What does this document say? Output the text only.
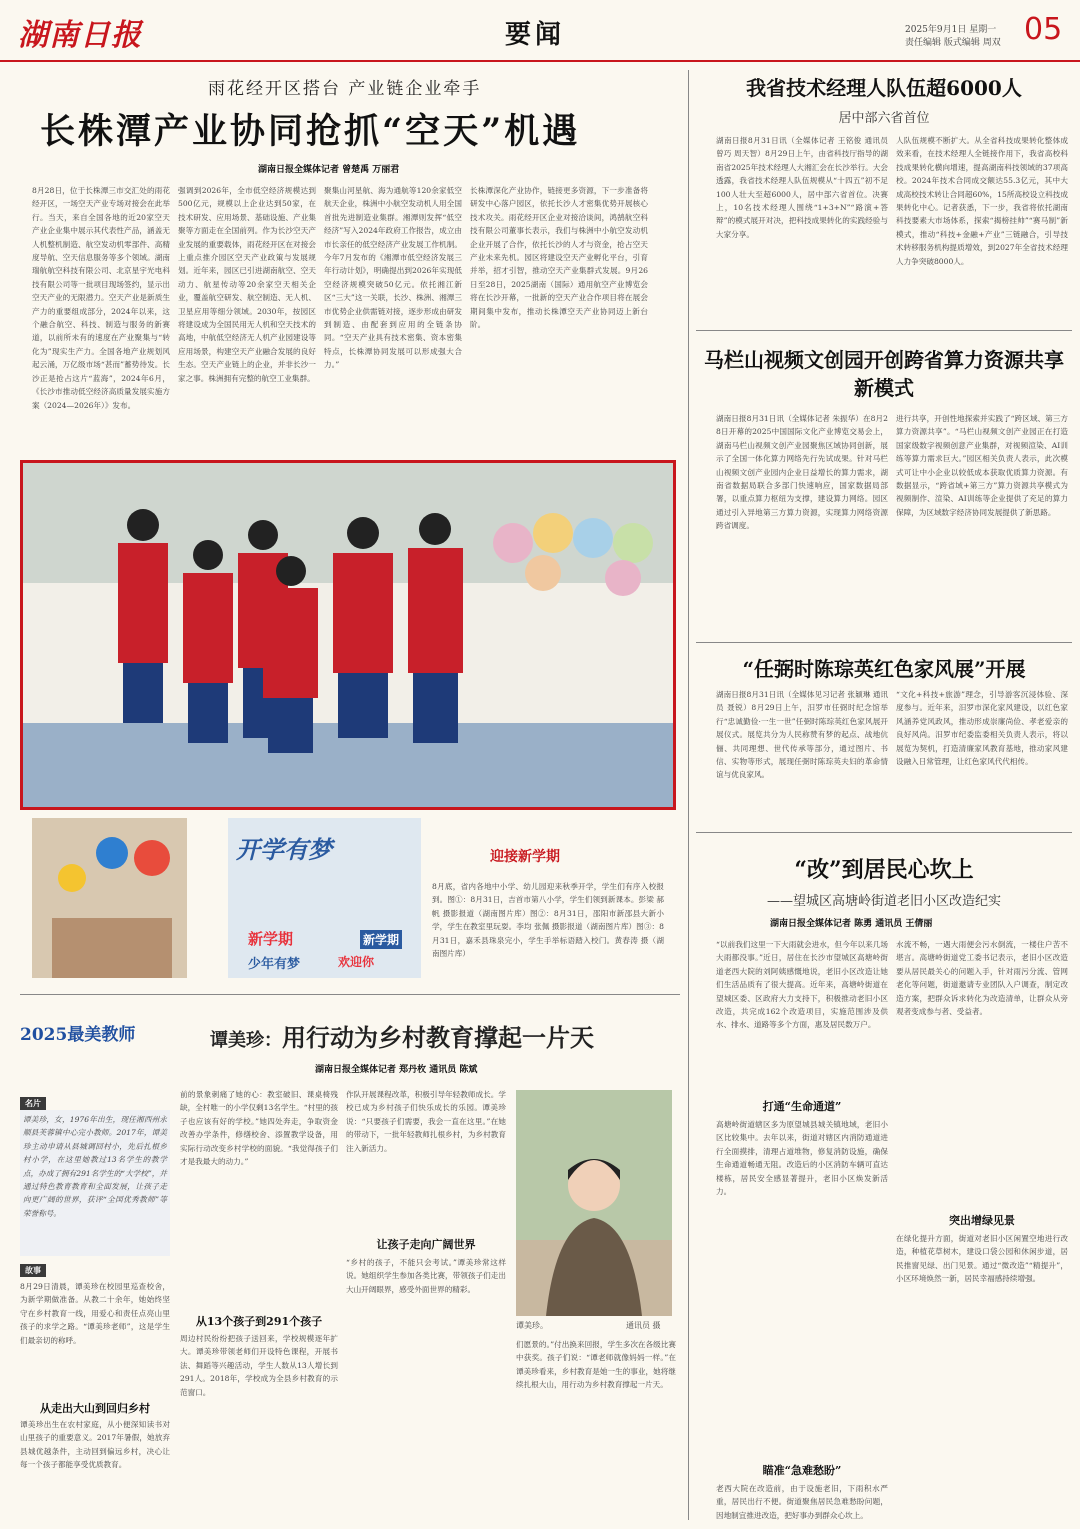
湖南日报	要闻	2025年9月1日 星期一
责任编辑 版式编辑 周双 05
雨花经开区搭台 产业链企业牵手
长株潭产业协同抢抓“空天”机遇
湖南日报全媒体记者 曾楚禹 万丽君
8月28日，位于长株潭三市交汇处的雨花经开区，一场空天产业专场对接会在此举行。当天，来自全国各地的近20家空天产业企业集中展示其代表性产品，涵盖无人机整机制造、航空发动机零部件、高精度导航、空天信息服务等多个领域。湖南瑞航航空科技有限公司、北京星宇光电科技有限公司等一批项目现场签约，显示出空天产业的无限潜力。空天产业是新质生产力的重要组成部分，2024年以来，这个融合航空、科技、制造与服务的新赛道，以前所未有的速度在产业聚集与“转化为”现实生产力。全国各地产业规划风起云涌，万亿级市场“甚而”蓄势待发。长沙正是抢占这片“蓝海”，2024年6月，《长沙市推动低空经济高质量发展实施方案（2024—2026年）》发布。
强调到2026年，全市低空经济规模达到500亿元，规模以上企业达到50家，在技术研发、应用场景、基础设施、产业集聚等方面走在全国前列。作为长沙空天产业发展的重要载体，雨花经开区在对接会上重点推介园区空天产业政策与发展规划。近年来，园区已引进湖南航空、空天动力、航星传动等20余家空天相关企业，覆盖航空研发、航空制造、无人机、卫星应用等细分领域。2030年，按园区将建设成为全国民用无人机和空天技术的高地，中航低空经济无人机产业园建设等应用场景，构建空天产业融合发展的良好生态。空天产业链上的企业，并非长沙一家之事。株洲拥有完整的航空工业集群。
聚集山河星航、海为通航等120余家低空航天企业，株洲中小航空发动机人用全国首批先进制造业集群。湘潭则发挥“低空经济”写入2024年政府工作报告，成立由市长亲任的低空经济产业发展工作机制。今年7月发布的《湘潭市低空经济发展三年行动计划》，明确提出到2026年实现低空经济规模突破50亿元。依托湘江新区“三大”这一关联，长沙、株洲、湘潭三市优势企业供需链对接，逐步形成由研发到制造、由配套到应用的全链条协同。“空天产业具有技术密集、资本密集特点，长株潭协同发展可以形成强大合力。”
长株潭深化产业协作，链接更多资源，下一步准备将研发中心落户园区，依托长沙人才密集优势开展核心技术攻关。雨花经开区企业对接洽谈间，鸿鹄航空科技有限公司董事长表示，我们与株洲中小航空发动机企业开展了合作，依托长沙的人才与资金，抢占空天产业未来先机。园区将建设空天产业孵化平台，引育并举，招才引智，推动空天产业集群式发展。9月26日至28日，2025湖南（国际）通用航空产业博览会将在长沙开幕，一批新的空天产业合作项目将在展会期间集中发布，推动长株潭空天产业协同迈上新台阶。
开学有梦
新学期
少年有梦	欢迎你
新学期
迎接新学期
8月底，省内各地中小学、幼儿园迎来秋季开学，学生们有序入校报到。图①：8月31日，吉首市第八小学，学生们领到新课本。彭梁 郝帆 摄影报道（湖南图片库）图②：8月31日，邵阳市新邵县大新小学，学生在教室里玩耍。李均 张佩 摄影报道（湖南图片库）图③：8月31日，嘉禾县珠泉完小，学生手举标语踏入校门。黄春涛 摄（湖南图片库）
2025最美教师	谭美珍：用行动为乡村教育撑起一片天
湖南日报全媒体记者 郑丹枚 通讯员 陈斌
名片
谭美珍，女，1976年出生，现任湘西州永顺县芙蓉镇中心完小教师。2017年，谭美珍主动申请从县城调回村小，先后扎根乡村小学，在这里她教过13名学生的教学点，办成了拥有291名学生的“大学校”，并通过特色教育教育和全面发展，让孩子走向更广阔的世界，获评“全国优秀教师”等荣誉称号。
故事
8月29日清晨，谭美珍在校园里巡查校舍，为新学期做准备。从教二十余年，她始终坚守在乡村教育一线，用爱心和责任点亮山里孩子的求学之路。“谭美珍老师”，这是学生们最亲切的称呼。
从走出大山到回归乡村
谭美珍出生在农村家庭，从小便深知读书对山里孩子的重要意义。2017年暑假，她放弃县城优越条件，主动回到偏远乡村，决心让每一个孩子都能享受优质教育。
前的景象刺痛了她的心：教室破旧、课桌椅残缺，全村唯一的小学仅剩13名学生。“村里的孩子也应该有好的学校。”她四处奔走，争取资金改善办学条件，修缮校舍、添置教学设备，用实际行动改变乡村学校的面貌。“我觉得孩子们才是我最大的动力。”
从13个孩子到291个孩子
周边村民纷纷把孩子送回来，学校规模逐年扩大。谭美珍带领老师们开设特色课程，开展书法、舞蹈等兴趣活动，学生人数从13人增长到291人。2018年，学校成为全县乡村教育的示范窗口。
作队开展课程改革，积极引导年轻教师成长。学校已成为乡村孩子们快乐成长的乐园。谭美珍说：“只要孩子们需要，我会一直在这里。”在她的带动下，一批年轻教师扎根乡村，为乡村教育注入新活力。
让孩子走向广阔世界
“乡村的孩子，不能只会考试。”谭美珍常这样说。她组织学生参加各类比赛，带领孩子们走出大山开阔眼界，感受外面世界的精彩。
谭美珍。	通讯员 摄
们愿景的。”付出换来回报，学生多次在各级比赛中获奖。孩子们说：“谭老师就像妈妈一样。”在谭美珍看来，乡村教育是她一生的事业，她将继续扎根大山，用行动为乡村教育撑起一片天。
我省技术经理人队伍超6000人
居中部六省首位
湖南日报8月31日讯（全媒体记者 王铭俊 通讯员 曾巧 周天智）8月29日上午，由省科技厅指导的湖南省2025年技术经理人大湘汇会在长沙举行。大会透露，我省技术经理人队伍规模从“十四五”初不足100人壮大至超6000人，居中部六省首位。决赛上，10名技术经理人围绕“1+3+N”“路演+答辩”的模式展开对决，把科技成果转化的实践经验与大家分享。
人队伍规模不断扩大。从全省科技成果转化整体成效来看，在技术经理人全链接作用下，我省高校科技成果转化横向增速，提高湖南科技领域的37项高校。2024年技术合同成交额达55.3亿元，其中大成高校技术转让合同超60%，15所高校设立科技成果转化中心。记者获悉，下一步，我省将依托湖南科技要素大市场体系，探索“揭榜挂帅”“赛马制”新模式，推动“科技+金融+产业”三链融合，引导技术转移服务机构提质增效，到2027年全省技术经理人力争突破8000人。
马栏山视频文创园开创跨省算力资源共享新模式
湖南日报8月31日讯（全媒体记者 朱振华）在8月28日开幕的2025中国国际文化产业博览交易会上，湖南马栏山视频文创产业园聚焦区域协同创新，展示了全国一体化算力网络先行先试成果。针对马栏山视频文创产业园内企业日益增长的算力需求，湖南省数据局联合多部门快速响应，国家数据局部署，以重点算力枢纽为支撑，建设算力网络。园区通过引入异地第三方算力资源，实现算力网络资源跨省调度。
进行共享，开创性地探索并实践了“跨区域、第三方算力资源共享”。“马栏山视频文创产业园正在打造国家级数字视频创意产业集群，对视频渲染、AI训练等算力需求巨大。”园区相关负责人表示，此次模式可让中小企业以较低成本获取优质算力资源。有数据显示，“跨省域+第三方”算力资源共享模式为视频制作、渲染、AI训练等企业提供了充足的算力保障，为区域数字经济协同发展提供了新思路。
“任弼时陈琮英红色家风展”开展
湖南日报8月31日讯（全媒体见习记者 张颖琳 通讯员 聂锐）8月29日上午，汨罗市任弼时纪念馆举行“忠诚勤俭·一生一世”任弼时陈琮英红色家风展开展仪式。展览共分为人民称赞有梦的起点、战地伉俪、共同理想、世代传承等部分，通过图片、书信、实物等形式，展现任弼时陈琮英夫妇的革命情谊与优良家风。
“文化+科技+旅游”理念，引导游客沉浸体验、深度参与。近年来，汨罗市深化家风建设，以红色家风涵养党风政风，推动形成崇廉尚俭、孝老爱亲的良好风尚。汨罗市纪委监委相关负责人表示，将以展览为契机，打造清廉家风教育基地，推动家风建设融入日常管理，让红色家风代代相传。
“改”到居民心坎上
——望城区高塘岭街道老旧小区改造纪实
湖南日报全媒体记者 陈勇 通讯员 王倩丽
“以前我们这里一下大雨就会进水，但今年以来几场大雨都没事。”近日，居住在长沙市望城区高塘岭街道老西大院的刘阿姨感慨地说，老旧小区改造让她们生活品质有了很大提高。近年来，高塘岭街道在望城区委、区政府大力支持下，积极推动老旧小区改造，共完成162个改造项目，实施范围涉及供水、排水、道路等多个方面，惠及居民数万户。
打通“生命通道”
高塘岭街道辖区多为原望城县城关镇地域，老旧小区比较集中。去年以来，街道对辖区内消防通道进行全面摸排，清理占道堆物，修复消防设施，确保生命通道畅通无阻。改造后的小区消防车辆可直达楼栋，居民安全感显著提升，老旧小区焕发新活力。
瞄准“急难愁盼”
老西大院在改造前，由于设施老旧，下雨积水严重，居民出行不便。街道聚焦居民急难愁盼问题，因地制宜推进改造，把好事办到群众心坎上。
水流不畅，一遇大雨便会污水倒流，一楼住户苦不堪言。高塘岭街道党工委书记表示，老旧小区改造要从居民最关心的问题入手，针对雨污分流、管网老化等问题，街道邀请专业团队入户调查，制定改造方案，把群众诉求转化为改造清单，让群众从旁观者变成参与者、受益者。
突出增绿见景
在绿化提升方面，街道对老旧小区闲置空地进行改造，种植花草树木，建设口袋公园和休闲步道，居民推窗见绿、出门见景。通过“微改造”“精提升”，小区环境焕然一新，居民幸福感持续增强。
